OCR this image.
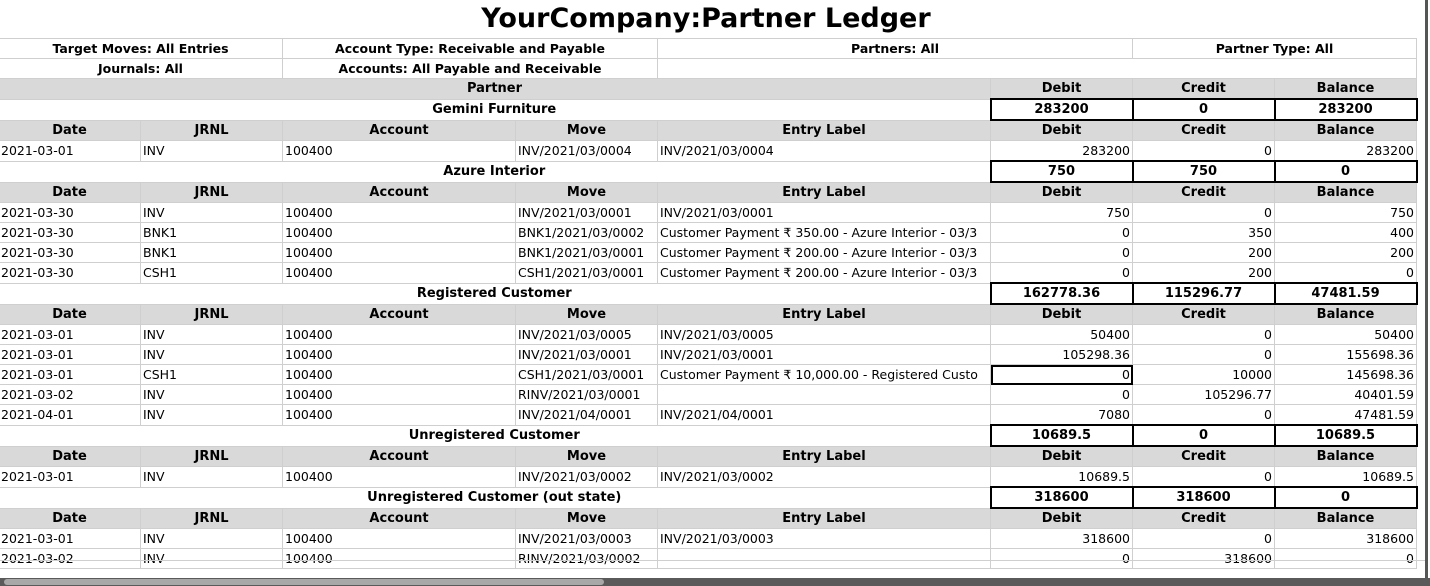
YourCompany:Partner Ledger
Target Moves: All Entries		Account Type: Receivable and Payable		Partners: All		Partner Type: All	
Journals: All		Accounts: All Payable and Receivable					
Partner					Debit	Credit	Balance
Gemini Furniture					283200	0	283200
Date	JRNL	Account	Move	Entry Label	Debit	Credit	Balance
2021-03-01	INV	100400	INV/2021/03/0004	INV/2021/03/0004	283200	0	283200
Azure Interior					750	750	0
Date	JRNL	Account	Move	Entry Label	Debit	Credit	Balance
2021-03-30	INV	100400	INV/2021/03/0001	INV/2021/03/0001	750	0	750
2021-03-30	BNK1	100400	BNK1/2021/03/0002	Customer Payment ₹ 350.00 - Azure Interior - 03/3	0	350	400
2021-03-30	BNK1	100400	BNK1/2021/03/0001	Customer Payment ₹ 200.00 - Azure Interior - 03/3	0	200	200
2021-03-30	CSH1	100400	CSH1/2021/03/0001	Customer Payment ₹ 200.00 - Azure Interior - 03/3	0	200	0
Registered Customer					162778.36	115296.77	47481.59
Date	JRNL	Account	Move	Entry Label	Debit	Credit	Balance
2021-03-01	INV	100400	INV/2021/03/0005	INV/2021/03/0005	50400	0	50400
2021-03-01	INV	100400	INV/2021/03/0001	INV/2021/03/0001	105298.36	0	155698.36
2021-03-01	CSH1	100400	CSH1/2021/03/0001	Customer Payment ₹ 10,000.00 - Registered Custo	0	10000	145698.36
2021-03-02	INV	100400	RINV/2021/03/0001		0	105296.77	40401.59
2021-04-01	INV	100400	INV/2021/04/0001	INV/2021/04/0001	7080	0	47481.59
Unregistered Customer					10689.5	0	10689.5
Date	JRNL	Account	Move	Entry Label	Debit	Credit	Balance
2021-03-01	INV	100400	INV/2021/03/0002	INV/2021/03/0002	10689.5	0	10689.5
Unregistered Customer (out state)					318600	318600	0
Date	JRNL	Account	Move	Entry Label	Debit	Credit	Balance
2021-03-01	INV	100400	INV/2021/03/0003	INV/2021/03/0003	318600	0	318600
2021-03-02	INV	100400	RINV/2021/03/0002		0	318600	0
